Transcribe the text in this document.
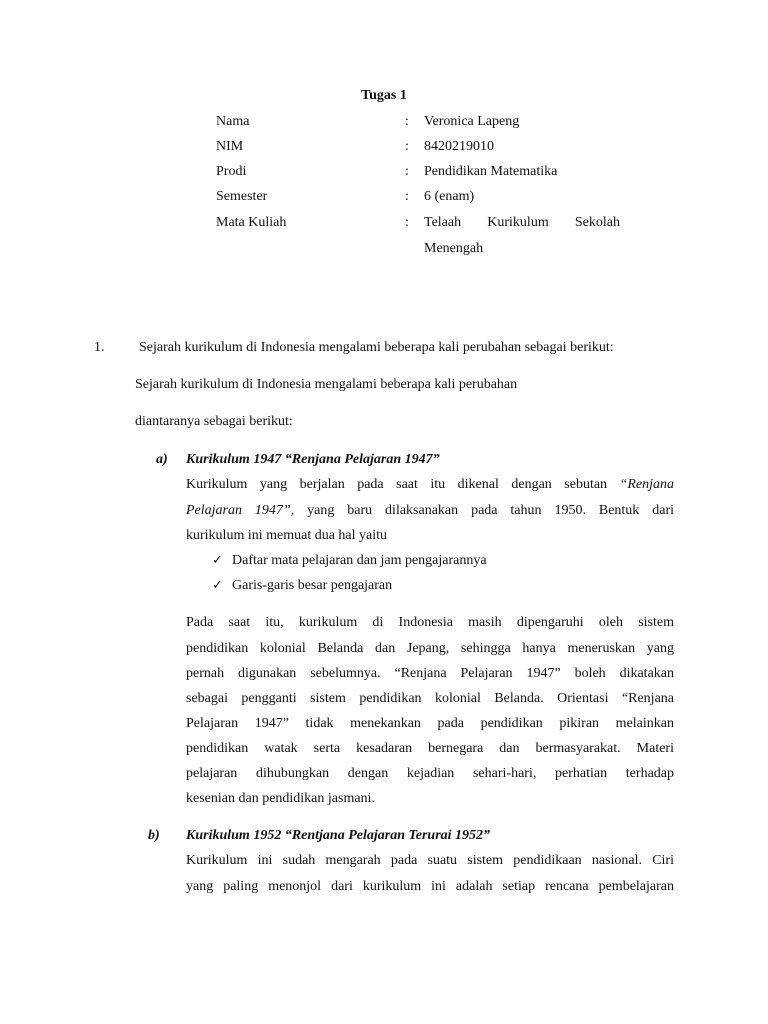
Tugas 1
Nama	: Veronica Lapeng
NIM	: 8420219010
Prodi	: Pendidikan Matematika
Semester	: 6 (enam)
Mata Kuliah	: Telaah Kurikulum Sekolah
Menengah
1. Sejarah kurikulum di Indonesia mengalami beberapa kali perubahan sebagai berikut:
Sejarah kurikulum di Indonesia mengalami beberapa kali perubahan
diantaranya sebagai berikut:
a) Kurikulum 1947 “Renjana Pelajaran 1947”
Kurikulum yang berjalan pada saat itu dikenal dengan sebutan “Renjana
Pelajaran 1947”, yang baru dilaksanakan pada tahun 1950. Bentuk dari
kurikulum ini memuat dua hal yaitu
✓ Daftar mata pelajaran dan jam pengajarannya
✓ Garis-garis besar pengajaran
Pada saat itu, kurikulum di Indonesia masih dipengaruhi oleh sistem
pendidikan kolonial Belanda dan Jepang, sehingga hanya meneruskan yang
pernah digunakan sebelumnya. “Renjana Pelajaran 1947” boleh dikatakan
sebagai pengganti sistem pendidikan kolonial Belanda. Orientasi “Renjana
Pelajaran 1947” tidak menekankan pada pendidikan pikiran melainkan
pendidikan watak serta kesadaran bernegara dan bermasyarakat. Materi
pelajaran dihubungkan dengan kejadian sehari-hari, perhatian terhadap
kesenian dan pendidikan jasmani.
b) Kurikulum 1952 “Rentjana Pelajaran Terurai 1952”
Kurikulum ini sudah mengarah pada suatu sistem pendidikaan nasional. Ciri
yang paling menonjol dari kurikulum ini adalah setiap rencana pembelajaran
